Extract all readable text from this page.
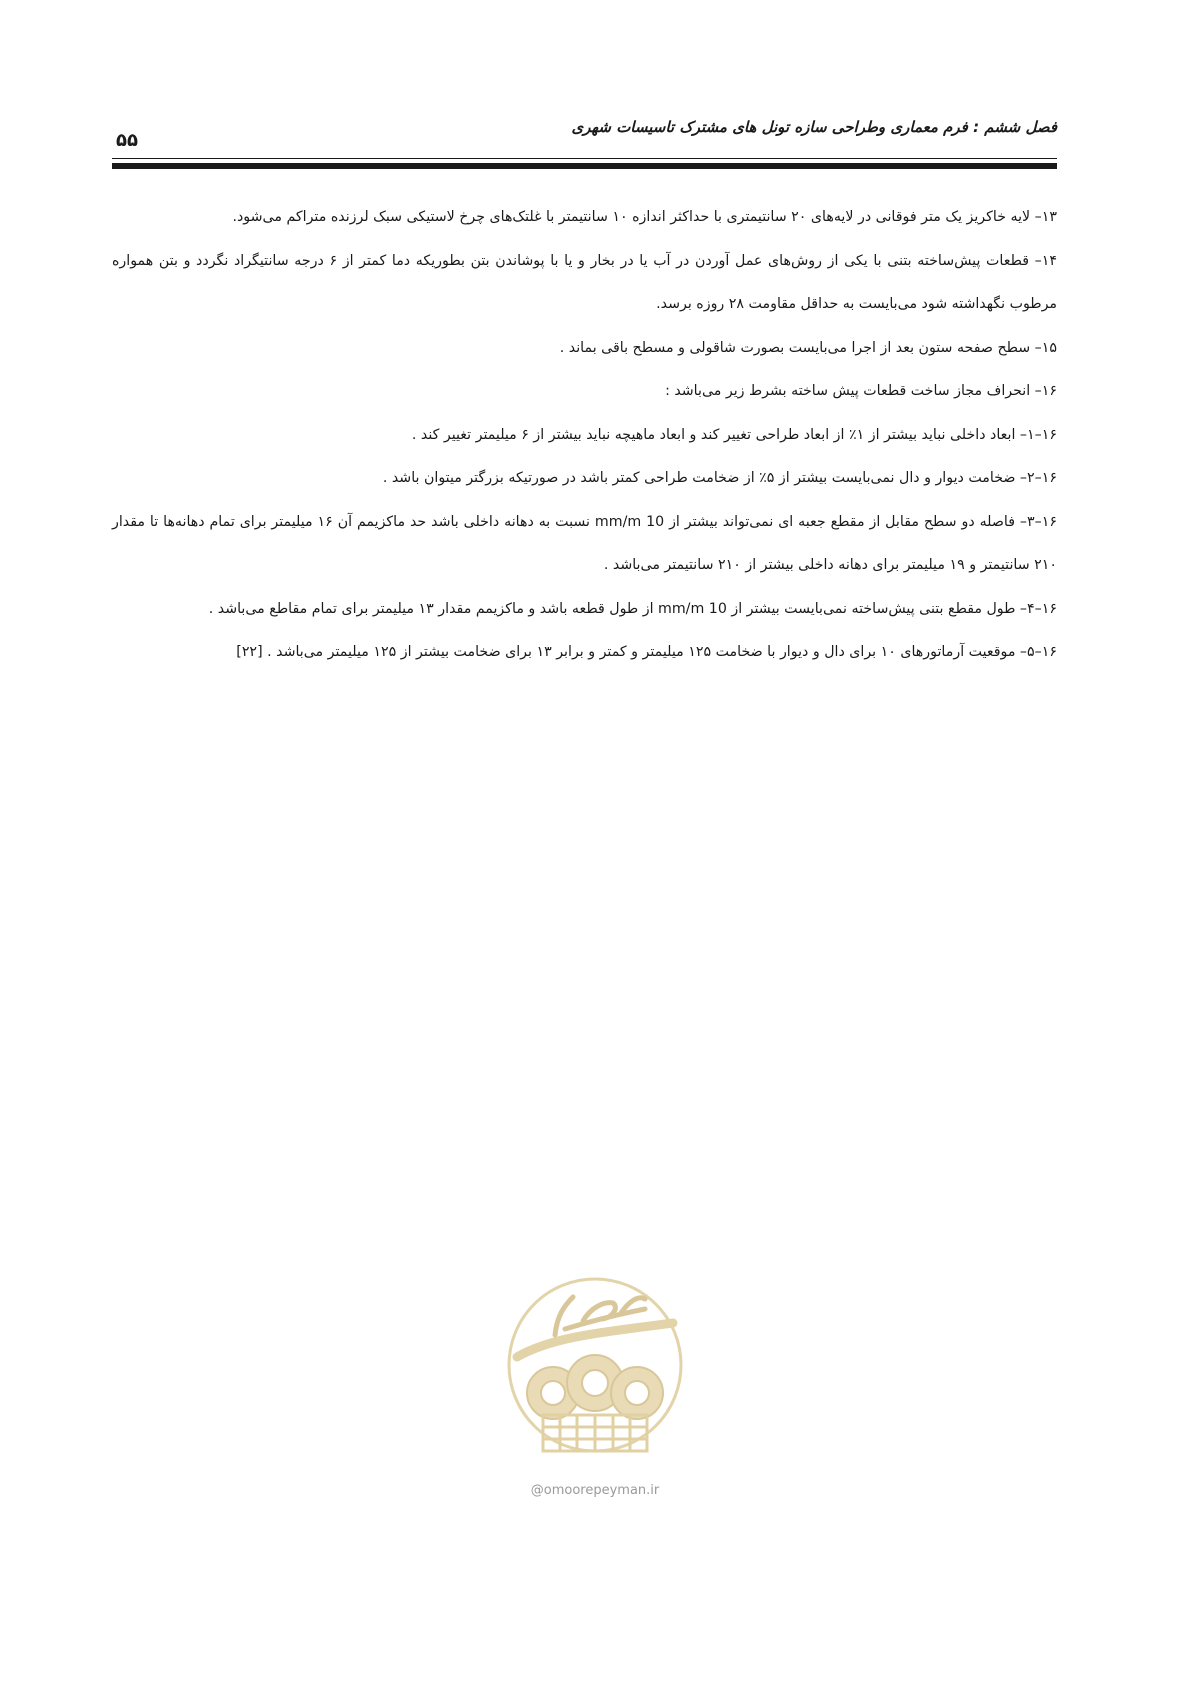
۵۵
فصل ششم : فرم معماری وطراحی سازه تونل های مشترک تاسیسات شهری

۱۳– لایه خاکریز یک متر فوقانی در لایه‌های ۲۰ سانتیمتری با حداکثر اندازه ۱۰ سانتیمتر با غلتک‌های چرخ لاستیکی سبک لرزنده متراکم می‌شود.

۱۴– قطعات پیش‌ساخته بتنی با یکی از روش‌های عمل آوردن در آب یا در بخار و یا با پوشاندن بتن بطوریکه دما کمتر از ۶ درجه سانتیگراد نگردد و بتن همواره مرطوب نگهداشته شود می‌بایست به حداقل مقاومت ۲۸ روزه برسد.

۱۵– سطح صفحه ستون بعد از اجرا می‌بایست بصورت شاقولی و مسطح باقی بماند .

۱۶– انحراف مجاز ساخت قطعات پیش ساخته بشرط زیر می‌باشد :

۱۶–۱– ابعاد داخلی نباید بیشتر از ۱٪ از ابعاد طراحی تغییر کند و ابعاد ماهیچه نباید بیشتر از ۶ میلیمتر تغییر کند .

۱۶–۲– ضخامت دیوار و دال نمی‌بایست بیشتر از ۵٪ از ضخامت طراحی کمتر باشد در صورتیکه بزرگتر میتوان باشد .

۱۶–۳– فاصله دو سطح مقابل از مقطع جعبه ای نمی‌تواند بیشتر از 10 mm/m نسبت به دهانه داخلی باشد حد ماکزیمم آن ۱۶ میلیمتر برای تمام دهانه‌ها تا مقدار ۲۱۰ سانتیمتر و ۱۹ میلیمتر برای دهانه داخلی بیشتر از ۲۱۰ سانتیمتر می‌باشد .

۱۶–۴– طول مقطع بتنی پیش‌ساخته نمی‌بایست بیشتر از 10 mm/m از طول قطعه باشد و ماکزیمم مقدار ۱۳ میلیمتر برای تمام مقاطع می‌باشد .

۱۶–۵– موقعیت آرماتورهای ۱۰ برای دال و دیوار با ضخامت ۱۲۵ میلیمتر و کمتر و برابر ۱۳ برای ضخامت بیشتر از ۱۲۵ میلیمتر می‌باشد . [۲۲]

@omoorepeyman.ir
